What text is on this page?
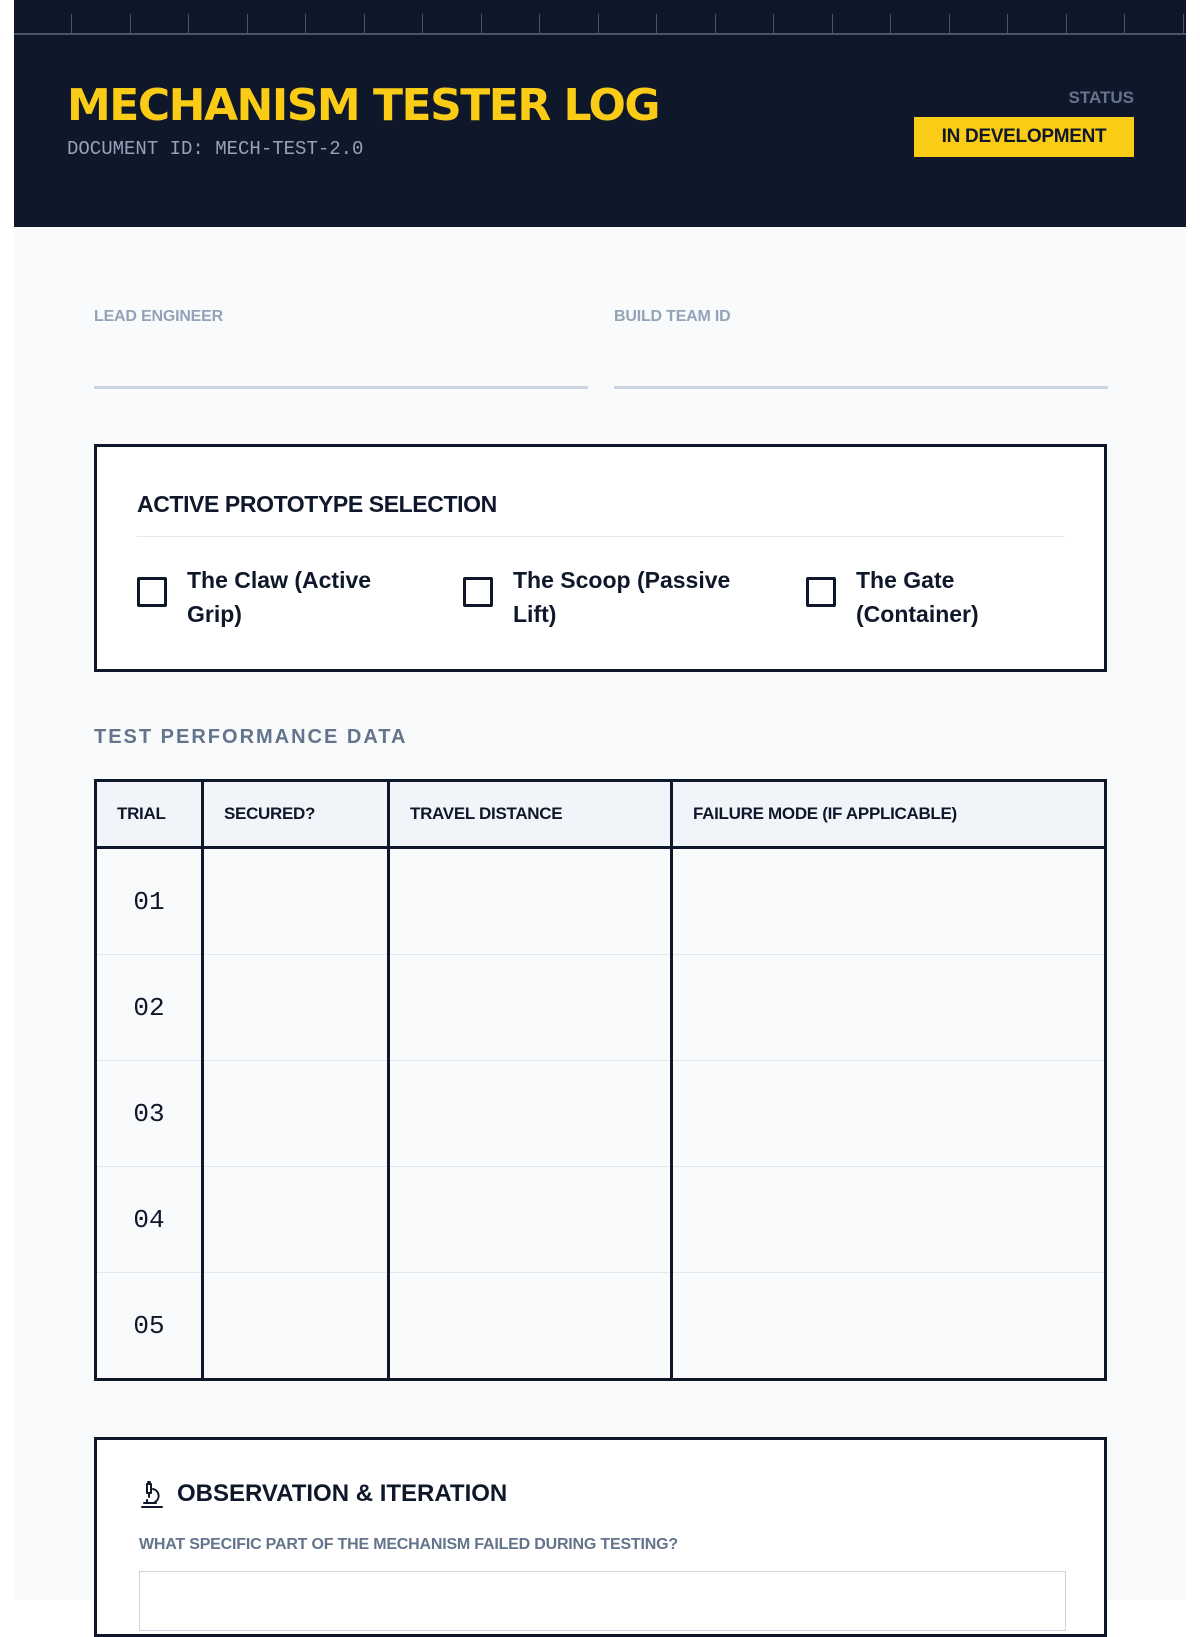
MECHANISM TESTER LOG
DOCUMENT ID: MECH-TEST-2.0
STATUS
IN DEVELOPMENT
LEAD ENGINEER	BUILD TEAM ID
ACTIVE PROTOTYPE SELECTION
The Claw (Active Grip)
The Scoop (Passive Lift)
The Gate (Container)
TEST PERFORMANCE DATA
TRIAL	SECURED?	TRAVEL DISTANCE	FAILURE MODE (IF APPLICABLE)
01			
02			
03			
04			
05			
OBSERVATION & ITERATION
WHAT SPECIFIC PART OF THE MECHANISM FAILED DURING TESTING?
